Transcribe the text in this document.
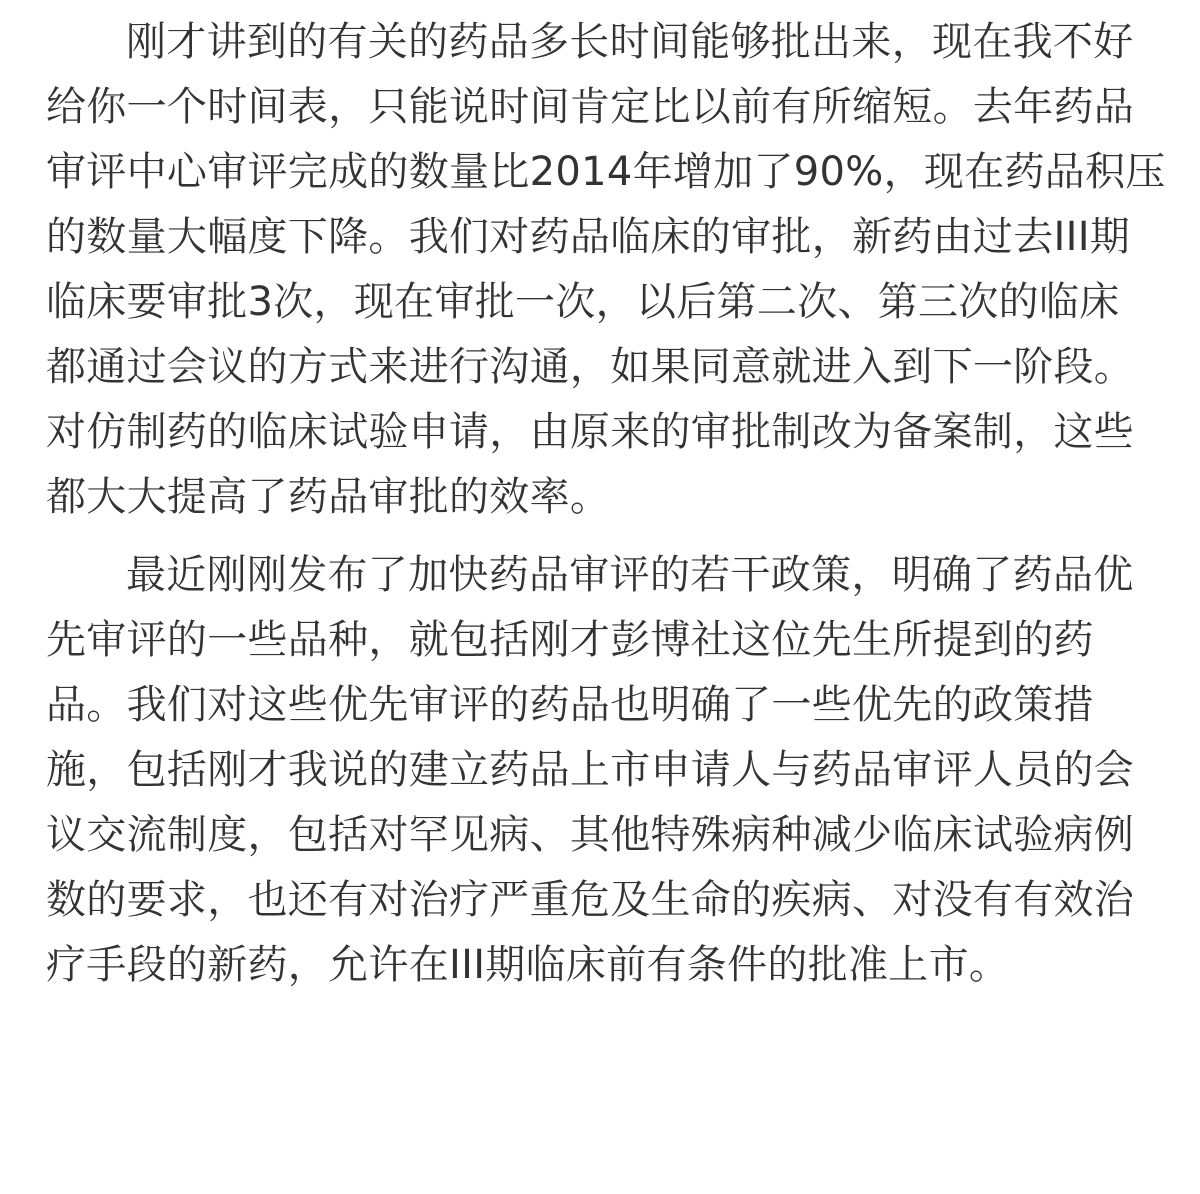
刚才讲到的有关的药品多长时间能够批出来，现在我不好
给你一个时间表，只能说时间肯定比以前有所缩短。去年药品
审评中心审评完成的数量比2014年增加了90%，现在药品积压
的数量大幅度下降。我们对药品临床的审批，新药由过去III期
临床要审批3次，现在审批一次，以后第二次、第三次的临床
都通过会议的方式来进行沟通，如果同意就进入到下一阶段。
对仿制药的临床试验申请，由原来的审批制改为备案制，这些
都大大提高了药品审批的效率。
最近刚刚发布了加快药品审评的若干政策，明确了药品优
先审评的一些品种，就包括刚才彭博社这位先生所提到的药
品。我们对这些优先审评的药品也明确了一些优先的政策措
施，包括刚才我说的建立药品上市申请人与药品审评人员的会
议交流制度，包括对罕见病、其他特殊病种减少临床试验病例
数的要求，也还有对治疗严重危及生命的疾病、对没有有效治
疗手段的新药，允许在III期临床前有条件的批准上市。
